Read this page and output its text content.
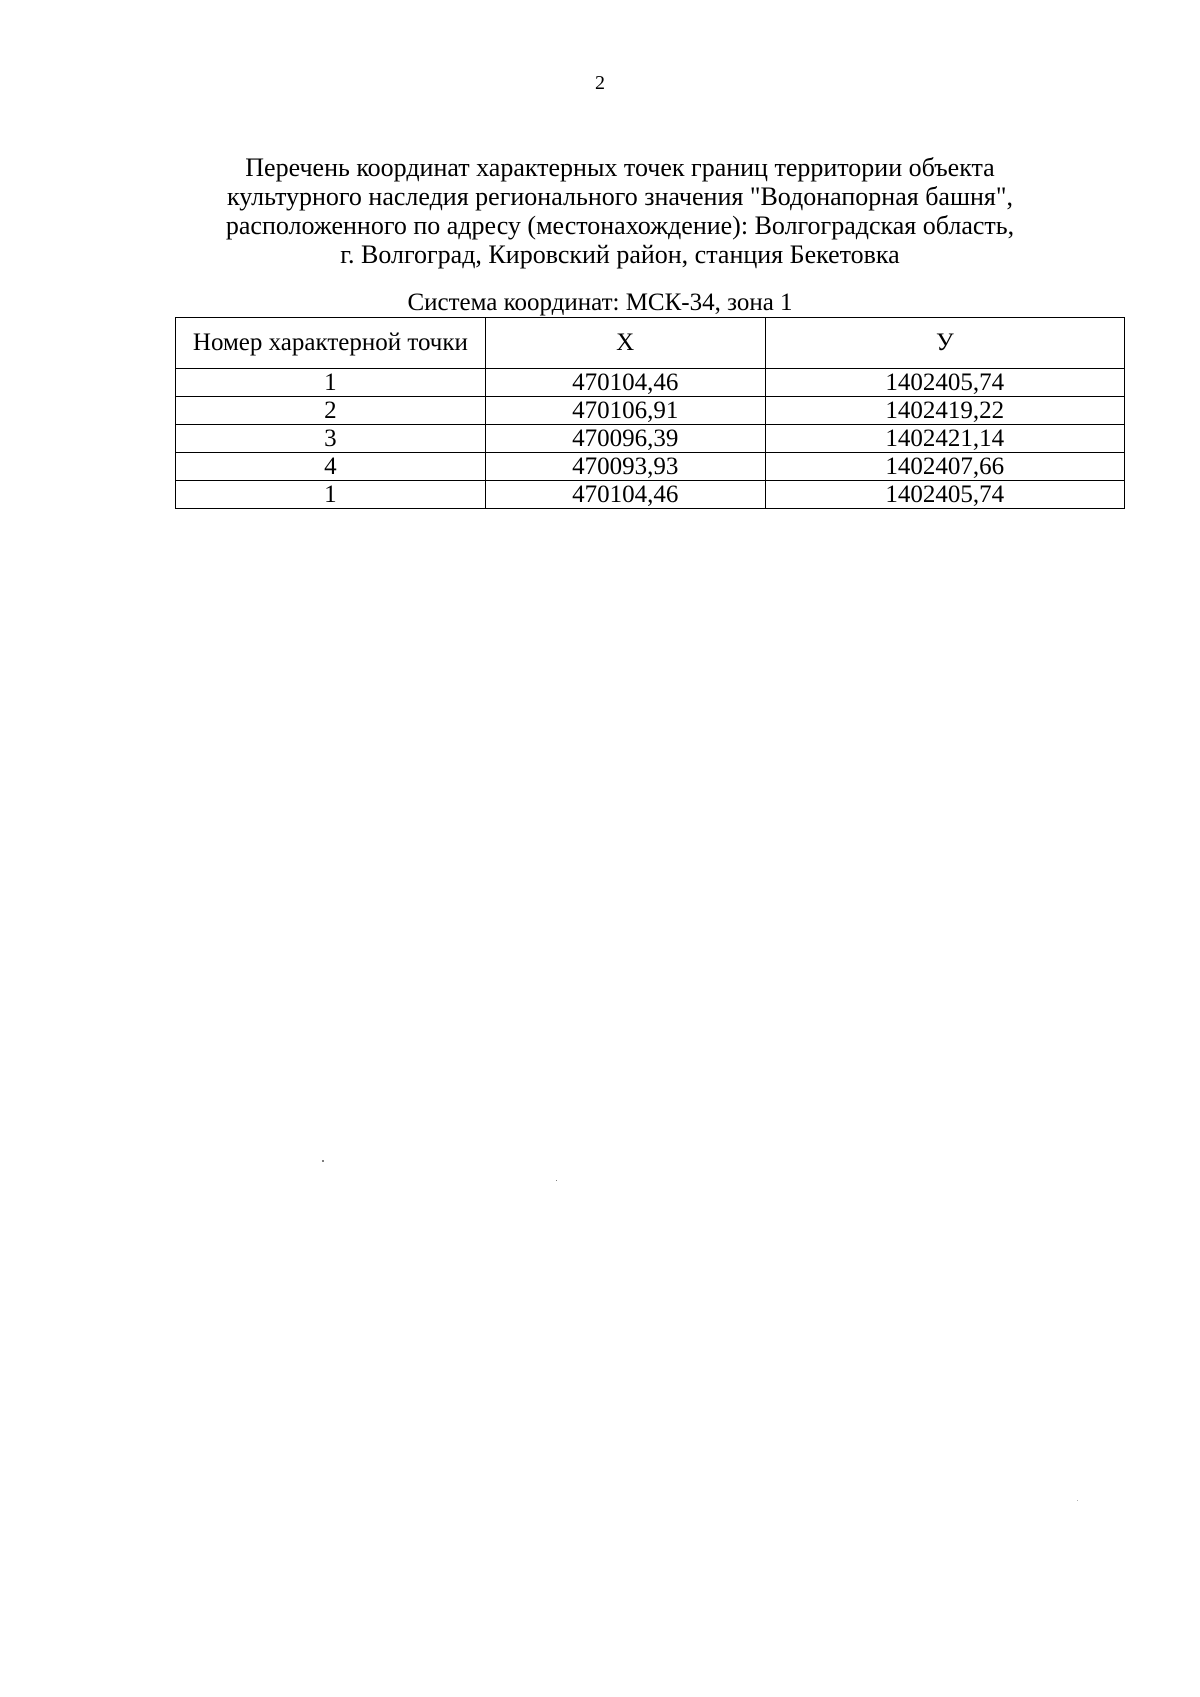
2
Перечень координат характерных точек границ территории объекта
культурного наследия регионального значения "Водонапорная башня",
расположенного по адресу (местонахождение): Волгоградская область,
г. Волгоград, Кировский район, станция Бекетовка
Система координат: МСК-34, зона 1
Номер характерной точки	X	У
1	470104,46	1402405,74
2	470106,91	1402419,22
3	470096,39	1402421,14
4	470093,93	1402407,66
1	470104,46	1402405,74
